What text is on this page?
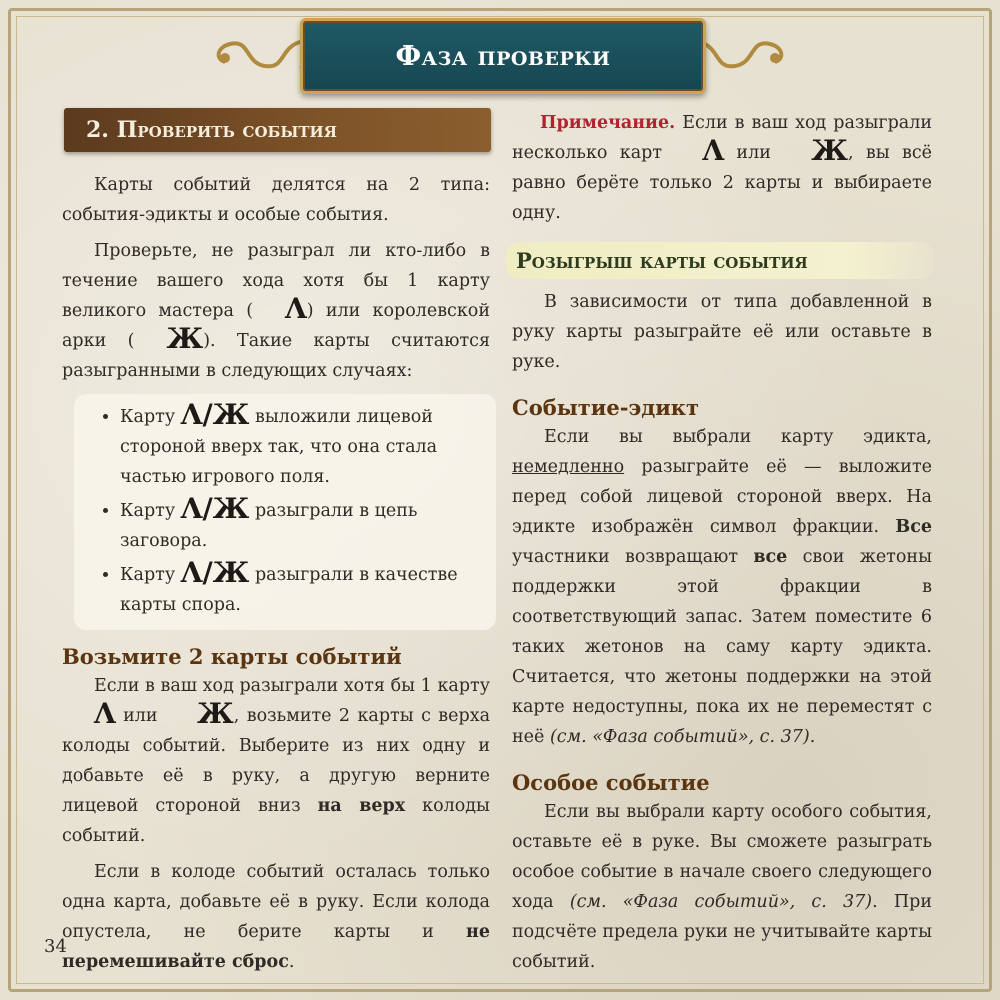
Фаза проверки
2. Проверить события

Карты событий делятся на 2 типа: события-эдикты и особые события.

Проверьте, не разыграл ли кто-либо в течение вашего хода хотя бы 1 карту великого мастера ( Λ) или королевской арки ( Ж). Такие карты считаются разыгранными в следующих случаях:

• Карту Λ/Ж выложили лицевой стороной вверх так, что она стала частью игрового поля.
• Карту Λ/Ж разыграли в цепь заговора.
• Карту Λ/Ж разыграли в качестве карты спора.
Возьмите 2 карты событий

Если в ваш ход разыграли хотя бы 1 карту Λ или Ж, возьмите 2 карты с верха колоды событий. Выберите из них одну и добавьте её в руку, а другую верните лицевой стороной вниз на верх колоды событий.

Если в колоде событий осталась только одна карта, добавьте её в руку. Если колода опустела, не берите карты и не перемешивайте сброс.

Примечание. Если в ваш ход разыграли несколько карт Λ или Ж, вы всё равно берёте только 2 карты и выбираете одну.

Розыгрыш карты события

В зависимости от типа добавленной в руку карты разыграйте её или оставьте в руке.

Событие-эдикт

Если вы выбрали карту эдикта, немедленно разыграйте её — выложите перед собой лицевой стороной вверх. На эдикте изображён символ фракции. Все участники возвращают все свои жетоны поддержки этой фракции в соответствующий запас. Затем поместите 6 таких жетонов на саму карту эдикта. Считается, что жетоны поддержки на этой карте недоступны, пока их не переместят с неё (см. «Фаза событий», с. 37).

Особое событие

Если вы выбрали карту особого события, оставьте её в руке. Вы сможете разыграть особое событие в начале своего следующего хода (см. «Фаза событий», с. 37). При подсчёте предела руки не учитывайте карты событий.

34
